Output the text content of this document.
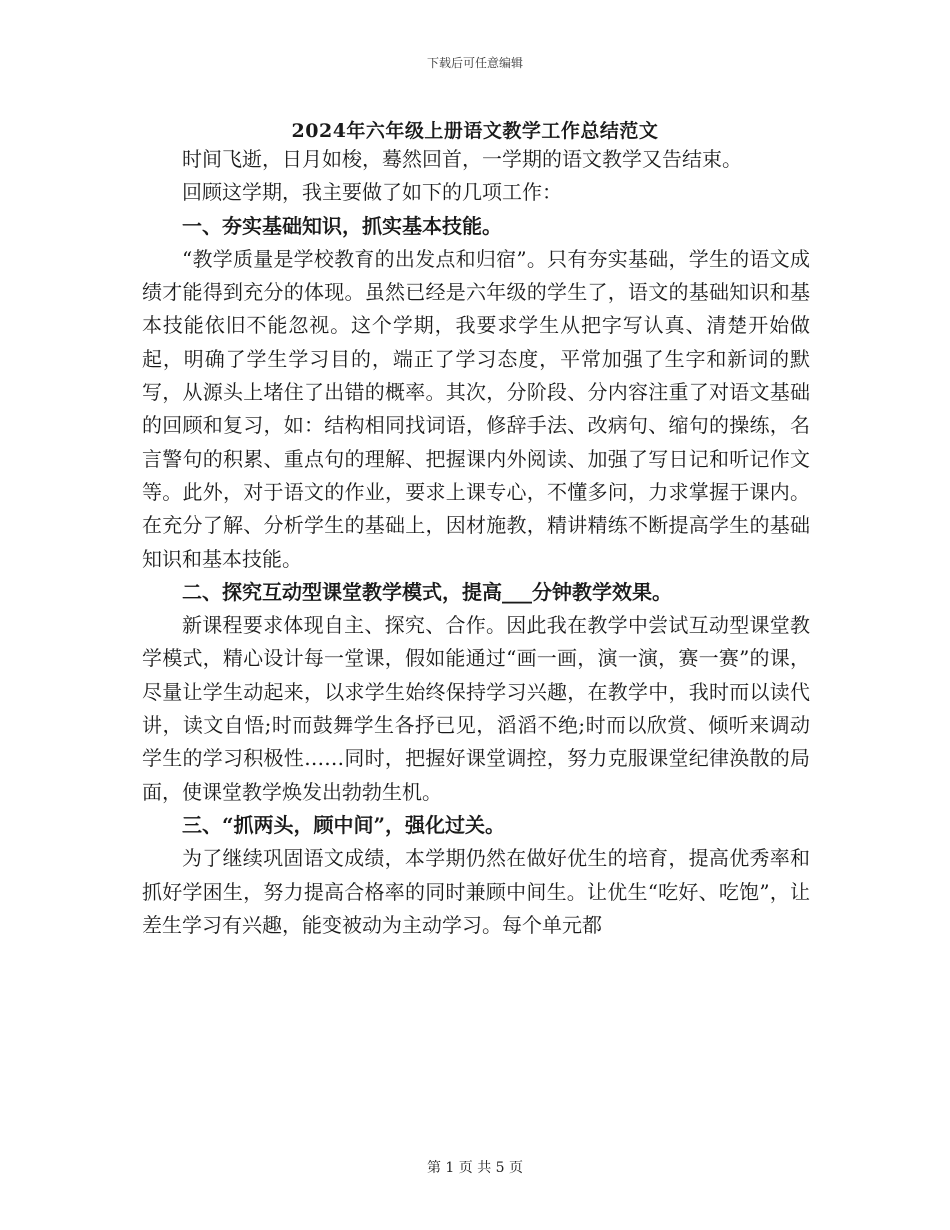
下载后可任意编辑
2024年六年级上册语文教学工作总结范文

时间飞逝，日月如梭，蓦然回首，一学期的语文教学又告结束。

回顾这学期，我主要做了如下的几项工作：

一、夯实基础知识，抓实基本技能。

“教学质量是学校教育的出发点和归宿”。只有夯实基础，学生的语文成绩才能得到充分的体现。虽然已经是六年级的学生了，语文的基础知识和基本技能依旧不能忽视。这个学期，我要求学生从把字写认真、清楚开始做起，明确了学生学习目的，端正了学习态度，平常加强了生字和新词的默写，从源头上堵住了出错的概率。其次，分阶段、分内容注重了对语文基础的回顾和复习，如：结构相同找词语，修辞手法、改病句、缩句的操练，名言警句的积累、重点句的理解、把握课内外阅读、加强了写日记和听记作文等。此外，对于语文的作业，要求上课专心，不懂多问，力求掌握于课内。在充分了解、分析学生的基础上，因材施教，精讲精练不断提高学生的基础知识和基本技能。

二、探究互动型课堂教学模式，提高___分钟教学效果。

新课程要求体现自主、探究、合作。因此我在教学中尝试互动型课堂教学模式，精心设计每一堂课，假如能通过“画一画，演一演，赛一赛”的课，尽量让学生动起来，以求学生始终保持学习兴趣，在教学中，我时而以读代讲，读文自悟;时而鼓舞学生各抒已见，滔滔不绝;时而以欣赏、倾听来调动学生的学习积极性……同时，把握好课堂调控，努力克服课堂纪律涣散的局面，使课堂教学焕发出勃勃生机。

三、“抓两头，顾中间”，强化过关。

为了继续巩固语文成绩，本学期仍然在做好优生的培育，提高优秀率和抓好学困生，努力提高合格率的同时兼顾中间生。让优生“吃好、吃饱”，让差生学习有兴趣，能变被动为主动学习。每个单元都

第 1 页 共 5 页
